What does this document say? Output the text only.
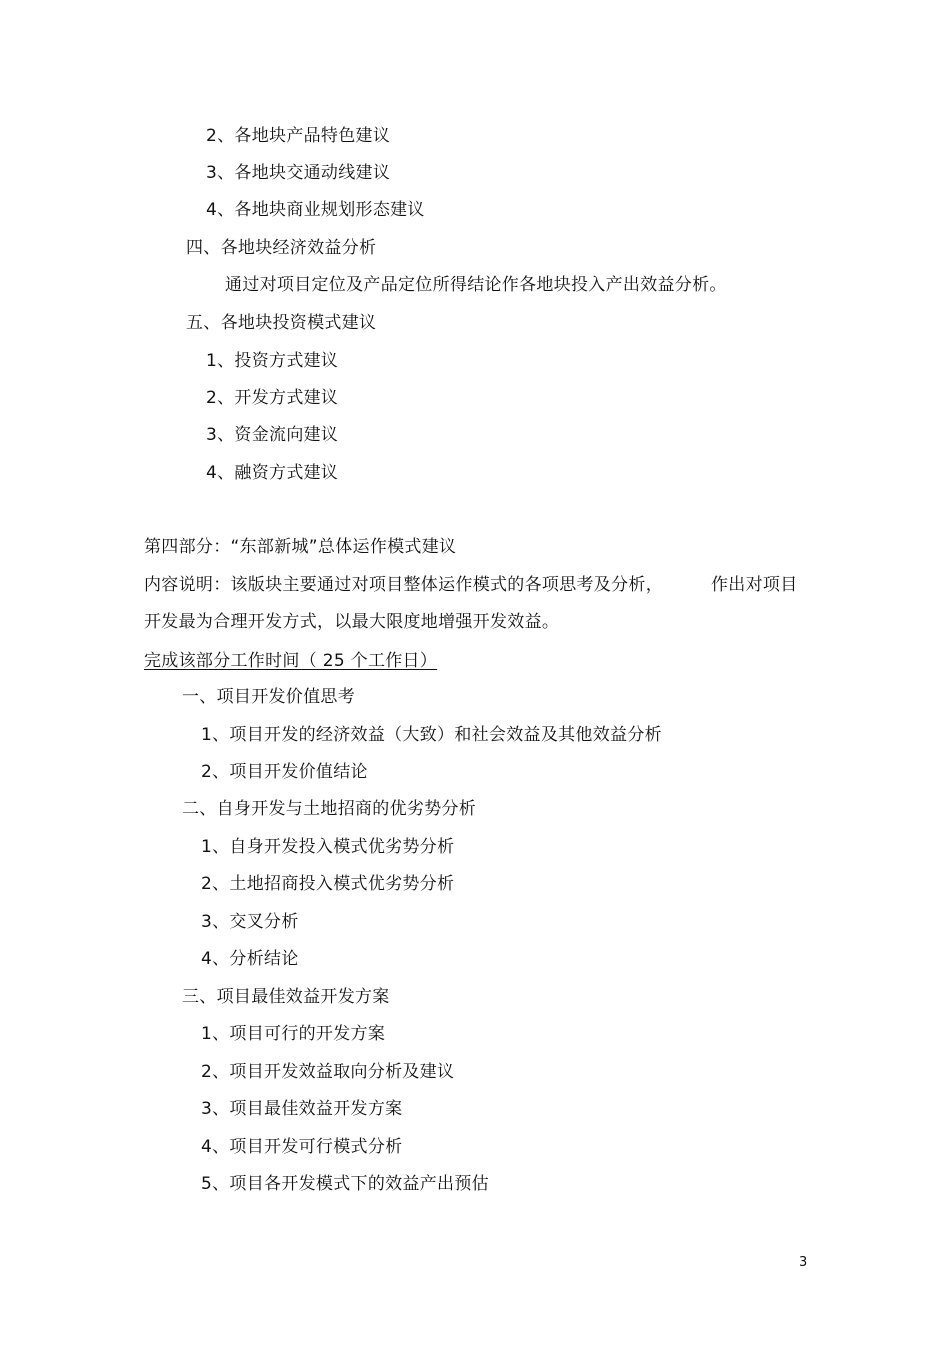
2、各地块产品特色建议
3、各地块交通动线建议
4、各地块商业规划形态建议
四、各地块经济效益分析
通过对项目定位及产品定位所得结论作各地块投入产出效益分析。
五、各地块投资模式建议
1、投资方式建议
2、开发方式建议
3、资金流向建议
4、融资方式建议
第四部分：“东部新城”总体运作模式建议
内容说明：该版块主要通过对项目整体运作模式的各项思考及分析，	作出对项目
开发最为合理开发方式，以最大限度地增强开发效益。
完成该部分工作时间（ 25 个工作日）
一、项目开发价值思考
1、项目开发的经济效益（大致）和社会效益及其他效益分析
2、项目开发价值结论
二、自身开发与土地招商的优劣势分析
1、自身开发投入模式优劣势分析
2、土地招商投入模式优劣势分析
3、交叉分析
4、分析结论
三、项目最佳效益开发方案
1、项目可行的开发方案
2、项目开发效益取向分析及建议
3、项目最佳效益开发方案
4、项目开发可行模式分析
5、项目各开发模式下的效益产出预估
3
